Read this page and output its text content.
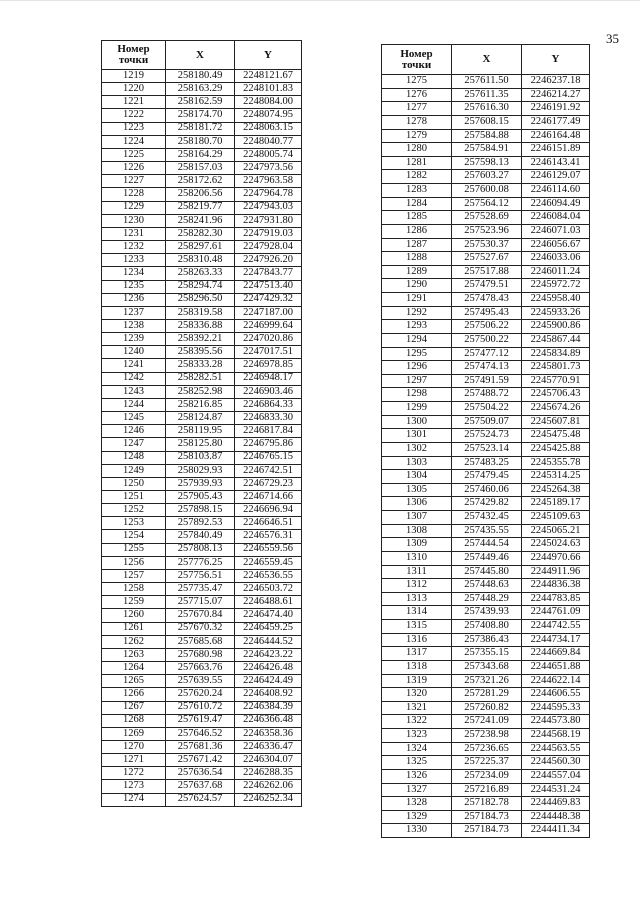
35
Номер
точки	X	Y
1219	258180.49	2248121.67
1220	258163.29	2248101.83
1221	258162.59	2248084.00
1222	258174.70	2248074.95
1223	258181.72	2248063.15
1224	258180.70	2248040.77
1225	258164.29	2248005.74
1226	258157.03	2247973.56
1227	258172.62	2247963.58
1228	258206.56	2247964.78
1229	258219.77	2247943.03
1230	258241.96	2247931.80
1231	258282.30	2247919.03
1232	258297.61	2247928.04
1233	258310.48	2247926.20
1234	258263.33	2247843.77
1235	258294.74	2247513.40
1236	258296.50	2247429.32
1237	258319.58	2247187.00
1238	258336.88	2246999.64
1239	258392.21	2247020.86
1240	258395.56	2247017.51
1241	258333.28	2246978.85
1242	258282.51	2246948.17
1243	258252.98	2246903.46
1244	258216.85	2246864.33
1245	258124.87	2246833.30
1246	258119.95	2246817.84
1247	258125.80	2246795.86
1248	258103.87	2246765.15
1249	258029.93	2246742.51
1250	257939.93	2246729.23
1251	257905.43	2246714.66
1252	257898.15	2246696.94
1253	257892.53	2246646.51
1254	257840.49	2246576.31
1255	257808.13	2246559.56
1256	257776.25	2246559.45
1257	257756.51	2246536.55
1258	257735.47	2246503.72
1259	257715.07	2246488.61
1260	257670.84	2246474.40
1261	257670.32	2246459.25
1262	257685.68	2246444.52
1263	257680.98	2246423.22
1264	257663.76	2246426.48
1265	257639.55	2246424.49
1266	257620.24	2246408.92
1267	257610.72	2246384.39
1268	257619.47	2246366.48
1269	257646.52	2246358.36
1270	257681.36	2246336.47
1271	257671.42	2246304.07
1272	257636.54	2246288.35
1273	257637.68	2246262.06
1274	257624.57	2246252.34
Номер
точки	X	Y
1275	257611.50	2246237.18
1276	257611.35	2246214.27
1277	257616.30	2246191.92
1278	257608.15	2246177.49
1279	257584.88	2246164.48
1280	257584.91	2246151.89
1281	257598.13	2246143.41
1282	257603.27	2246129.07
1283	257600.08	2246114.60
1284	257564.12	2246094.49
1285	257528.69	2246084.04
1286	257523.96	2246071.03
1287	257530.37	2246056.67
1288	257527.67	2246033.06
1289	257517.88	2246011.24
1290	257479.51	2245972.72
1291	257478.43	2245958.40
1292	257495.43	2245933.26
1293	257506.22	2245900.86
1294	257500.22	2245867.44
1295	257477.12	2245834.89
1296	257474.13	2245801.73
1297	257491.59	2245770.91
1298	257488.72	2245706.43
1299	257504.22	2245674.26
1300	257509.07	2245607.81
1301	257524.73	2245475.48
1302	257523.14	2245425.88
1303	257483.25	2245355.78
1304	257479.45	2245314.25
1305	257460.06	2245264.38
1306	257429.82	2245189.17
1307	257432.45	2245109.63
1308	257435.55	2245065.21
1309	257444.54	2245024.63
1310	257449.46	2244970.66
1311	257445.80	2244911.96
1312	257448.63	2244836.38
1313	257448.29	2244783.85
1314	257439.93	2244761.09
1315	257408.80	2244742.55
1316	257386.43	2244734.17
1317	257355.15	2244669.84
1318	257343.68	2244651.88
1319	257321.26	2244622.14
1320	257281.29	2244606.55
1321	257260.82	2244595.33
1322	257241.09	2244573.80
1323	257238.98	2244568.19
1324	257236.65	2244563.55
1325	257225.37	2244560.30
1326	257234.09	2244557.04
1327	257216.89	2244531.24
1328	257182.78	2244469.83
1329	257184.73	2244448.38
1330	257184.73	2244411.34
